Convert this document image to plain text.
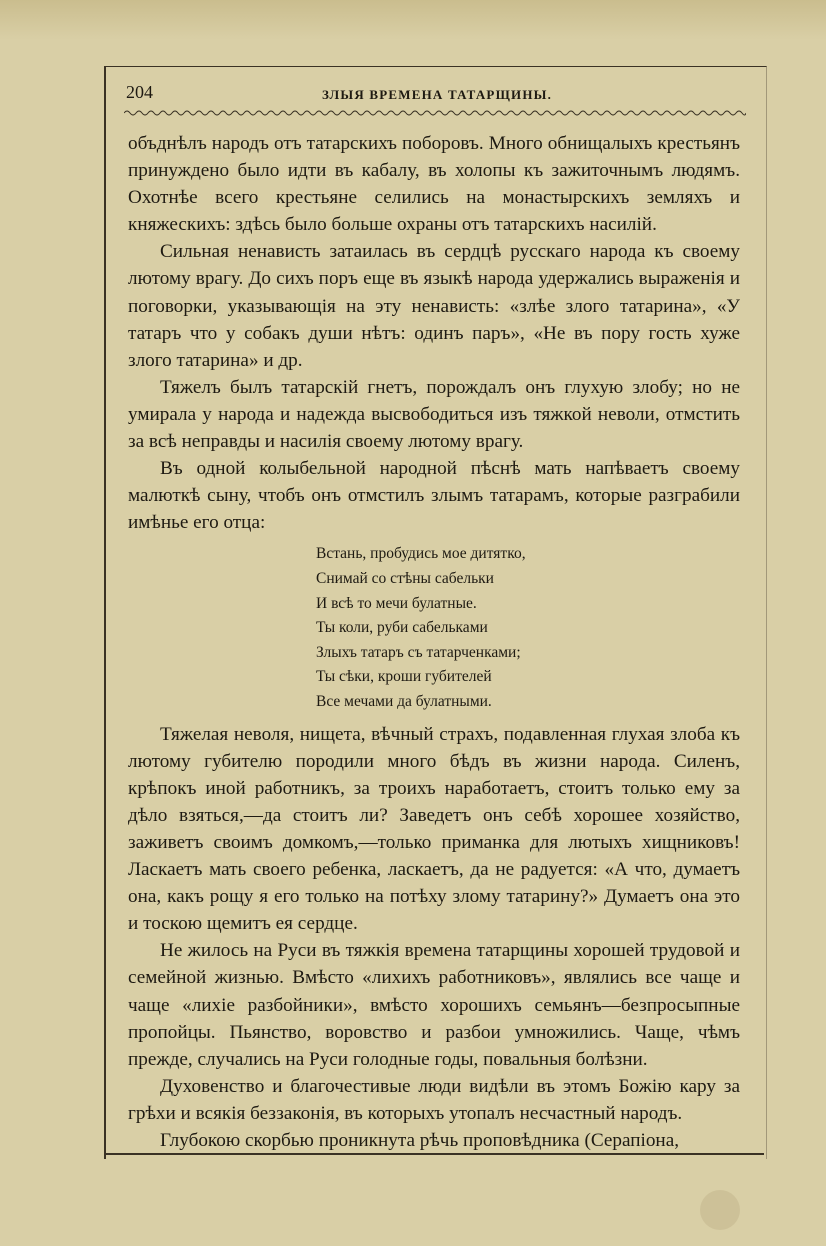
204	ЗЛЫЯ ВРЕМЕНА ТАТАРЩИНЫ.

объднѣлъ народъ отъ татарскихъ поборовъ. Много обнищалыхъ крестьянъ принуждено было идти въ кабалу, въ холопы къ зажиточнымъ людямъ. Охотнѣе всего крестьяне селились на монастырскихъ земляхъ и княжескихъ: здѣсь было больше охраны отъ татарскихъ насилій.

Сильная ненависть затаилась въ сердцѣ русскаго народа къ своему лютому врагу. До сихъ поръ еще въ языкѣ народа удержались выраженія и поговорки, указывающія на эту ненависть: «злѣе злого татарина», «У татаръ что у собакъ души нѣтъ: одинъ паръ», «Не въ пору гость хуже злого татарина» и др.

Тяжелъ былъ татарскій гнетъ, порождалъ онъ глухую злобу; но не умирала у народа и надежда высвободиться изъ тяжкой неволи, отмстить за всѣ неправды и насилія своему лютому врагу.

Въ одной колыбельной народной пѣснѣ мать напѣваетъ своему малюткѣ сыну, чтобъ онъ отмстилъ злымъ татарамъ, которые разграбили имѣнье его отца:

Встань, пробудись мое дитятко,
Снимай со стѣны сабельки
И всѣ то мечи булатные.
Ты коли, руби сабельками
Злыхъ татаръ съ татарченками;
Ты сѣки, кроши губителей
Все мечами да булатными.

Тяжелая неволя, нищета, вѣчный страхъ, подавленная глухая злоба къ лютому губителю породили много бѣдъ въ жизни народа. Силенъ, крѣпокъ иной работникъ, за троихъ наработаетъ, стоитъ только ему за дѣло взяться,—да стоитъ ли? Заведетъ онъ себѣ хорошее хозяйство, заживетъ своимъ домкомъ,—только приманка для лютыхъ хищниковъ! Ласкаетъ мать своего ребенка, ласкаетъ, да не радуется: «А что, думаетъ она, какъ рощу я его только на потѣху злому татарину?» Думаетъ она это и тоскою щемитъ ея сердце.

Не жилось на Руси въ тяжкія времена татарщины хорошей трудовой и семейной жизнью. Вмѣсто «лихихъ работниковъ», являлись все чаще и чаще «лихіе разбойники», вмѣсто хорошихъ семьянъ—безпросыпные пропойцы. Пьянство, воровство и разбои умножились. Чаще, чѣмъ прежде, случались на Руси голодные годы, повальныя болѣзни.

Духовенство и благочестивые люди видѣли въ этомъ Божію кару за грѣхи и всякія беззаконія, въ которыхъ утопалъ несчастный народъ.

Глубокою скорбью проникнута рѣчь проповѣдника (Серапіона,
